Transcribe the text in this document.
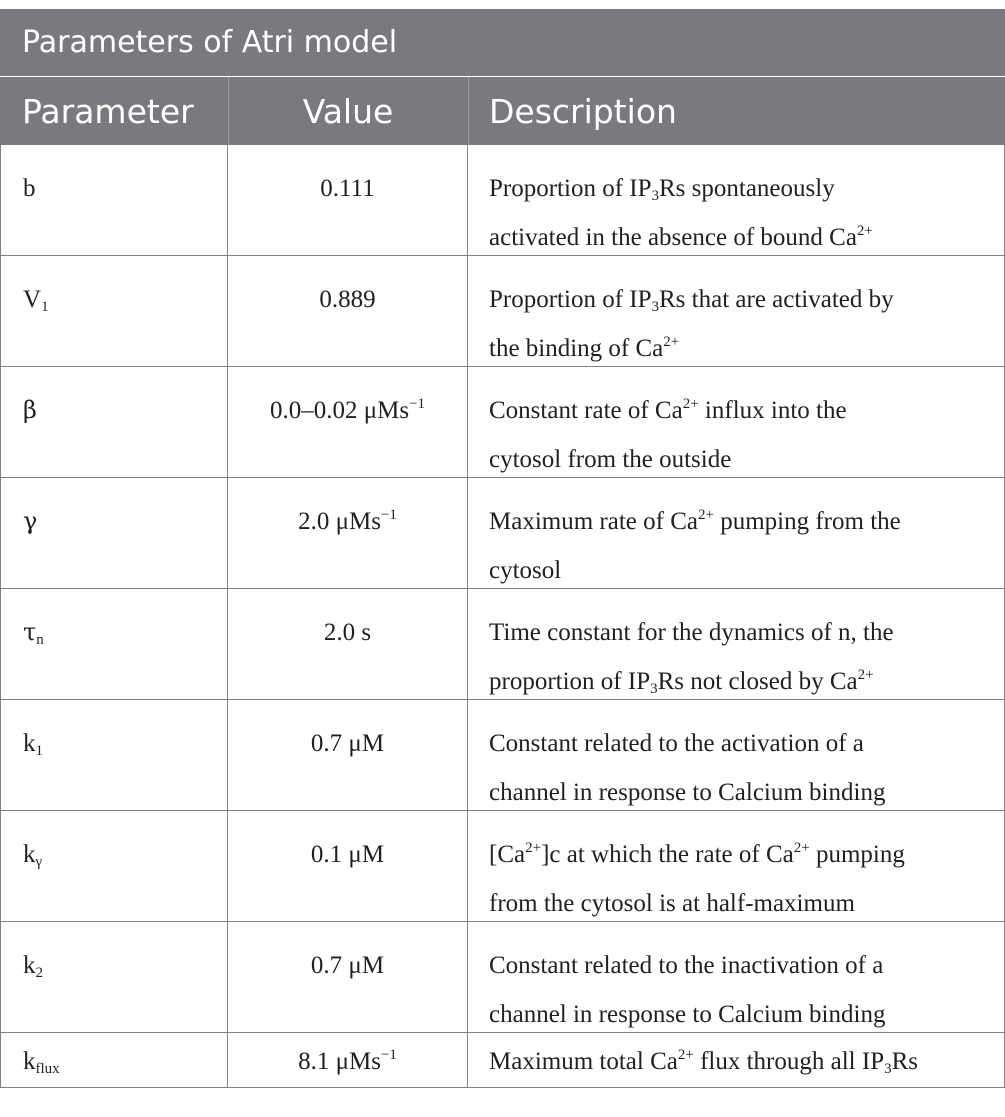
Parameters of Atri model
Parameter	Value	Description
b	0.111	Proportion of $IP_3Rs$ spontaneously
activated in the absence of bound $Ca^{2+}$
$V_1$	0.889	Proportion of $IP_3Rs$ that are activated by
the binding of $Ca^{2+}$
β	0.0–0.02 μMs$^{-1}$	Constant rate of $Ca^{2+}$ influx into the
cytosol from the outside
γ	2.0 μMs$^{-1}$	Maximum rate of $Ca^{2+}$ pumping from the
cytosol
$\tau_n$	2.0 s	Time constant for the dynamics of n, the
proportion of $IP_3Rs$ not closed by $Ca^{2+}$
$k_1$	0.7 μM	Constant related to the activation of a
channel in response to Calcium binding
$k_\gamma$	0.1 μM	$[Ca^{2+}]c$ at which the rate of $Ca^{2+}$ pumping
from the cytosol is at half-maximum
$k_2$	0.7 μM	Constant related to the inactivation of a
channel in response to Calcium binding
$k_{flux}$	8.1 μMs$^{-1}$	Maximum total $Ca^{2+}$ flux through all $IP_3Rs$
